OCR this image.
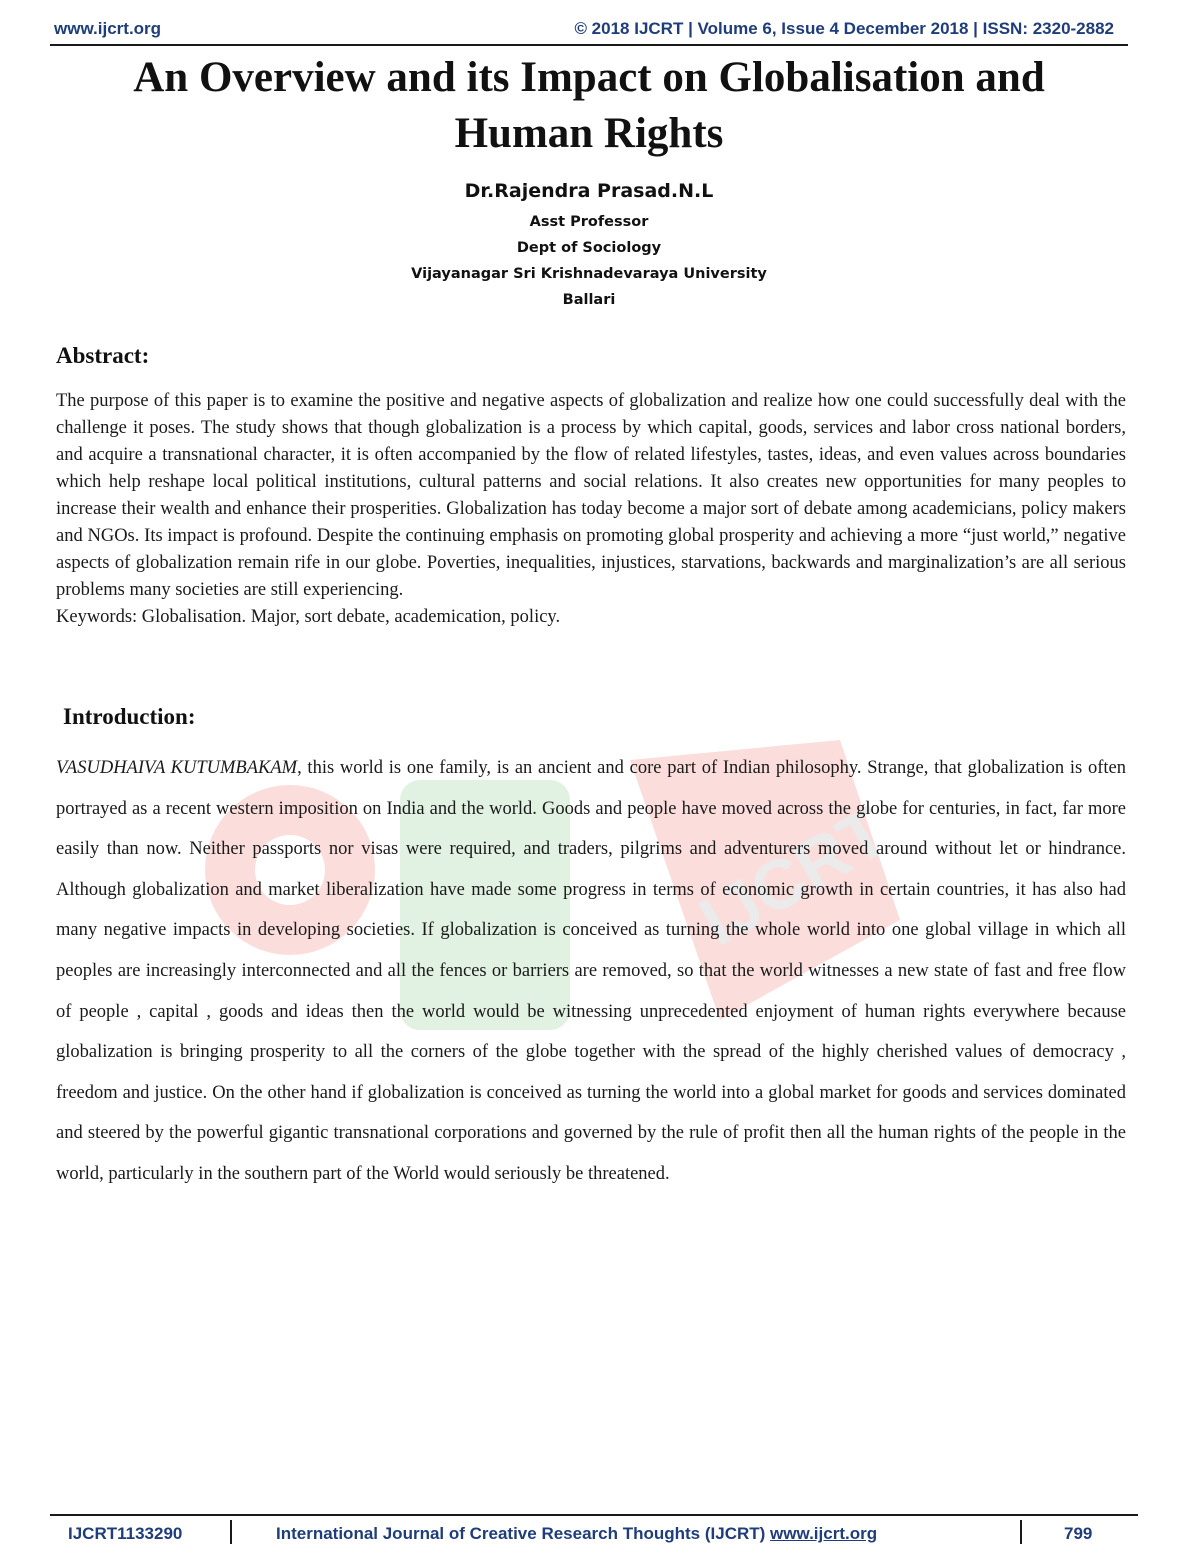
www.ijcrt.org	© 2018 IJCRT | Volume 6, Issue 4 December 2018 | ISSN: 2320-2882
An Overview and its Impact on Globalisation and
Human Rights
Dr.Rajendra Prasad.N.L
Asst Professor
Dept of Sociology
Vijayanagar Sri Krishnadevaraya University
Ballari
Abstract:

The purpose of this paper is to examine the positive and negative aspects of globalization and realize how one could successfully deal with the challenge it poses. The study shows that though globalization is a process by which capital, goods, services and labor cross national borders, and acquire a transnational character, it is often accompanied by the flow of related lifestyles, tastes, ideas, and even values across boundaries which help reshape local political institutions, cultural patterns and social relations. It also creates new opportunities for many peoples to increase their wealth and enhance their prosperities. Globalization has today become a major sort of debate among academicians, policy makers and NGOs. Its impact is profound. Despite the continuing emphasis on promoting global prosperity and achieving a more “just world,” negative aspects of globalization remain rife in our globe. Poverties, inequalities, injustices, starvations, backwards and marginalization’s are all serious problems many societies are still experiencing.

Keywords: Globalisation. Major, sort debate, academication, policy.

Introduction:
IJCRT

VASUDHAIVA KUTUMBAKAM, this world is one family, is an ancient and core part of Indian philosophy. Strange, that globalization is often portrayed as a recent western imposition on India and the world. Goods and people have moved across the globe for centuries, in fact, far more easily than now. Neither passports nor visas were required, and traders, pilgrims and adventurers moved around without let or hindrance. Although globalization and market liberalization have made some progress in terms of economic growth in certain countries, it has also had many negative impacts in developing societies. If globalization is conceived as turning the whole world into one global village in which all peoples are increasingly interconnected and all the fences or barriers are removed, so that the world witnesses a new state of fast and free flow of people , capital , goods and ideas then the world would be witnessing unprecedented enjoyment of human rights everywhere because globalization is bringing prosperity to all the corners of the globe together with the spread of the highly cherished values of democracy , freedom and justice. On the other hand if globalization is conceived as turning the world into a global market for goods and services dominated and steered by the powerful gigantic transnational corporations and governed by the rule of profit then all the human rights of the people in the world, particularly in the southern part of the World would seriously be threatened.

IJCRT1133290	International Journal of Creative Research Thoughts (IJCRT) www.ijcrt.org	799
